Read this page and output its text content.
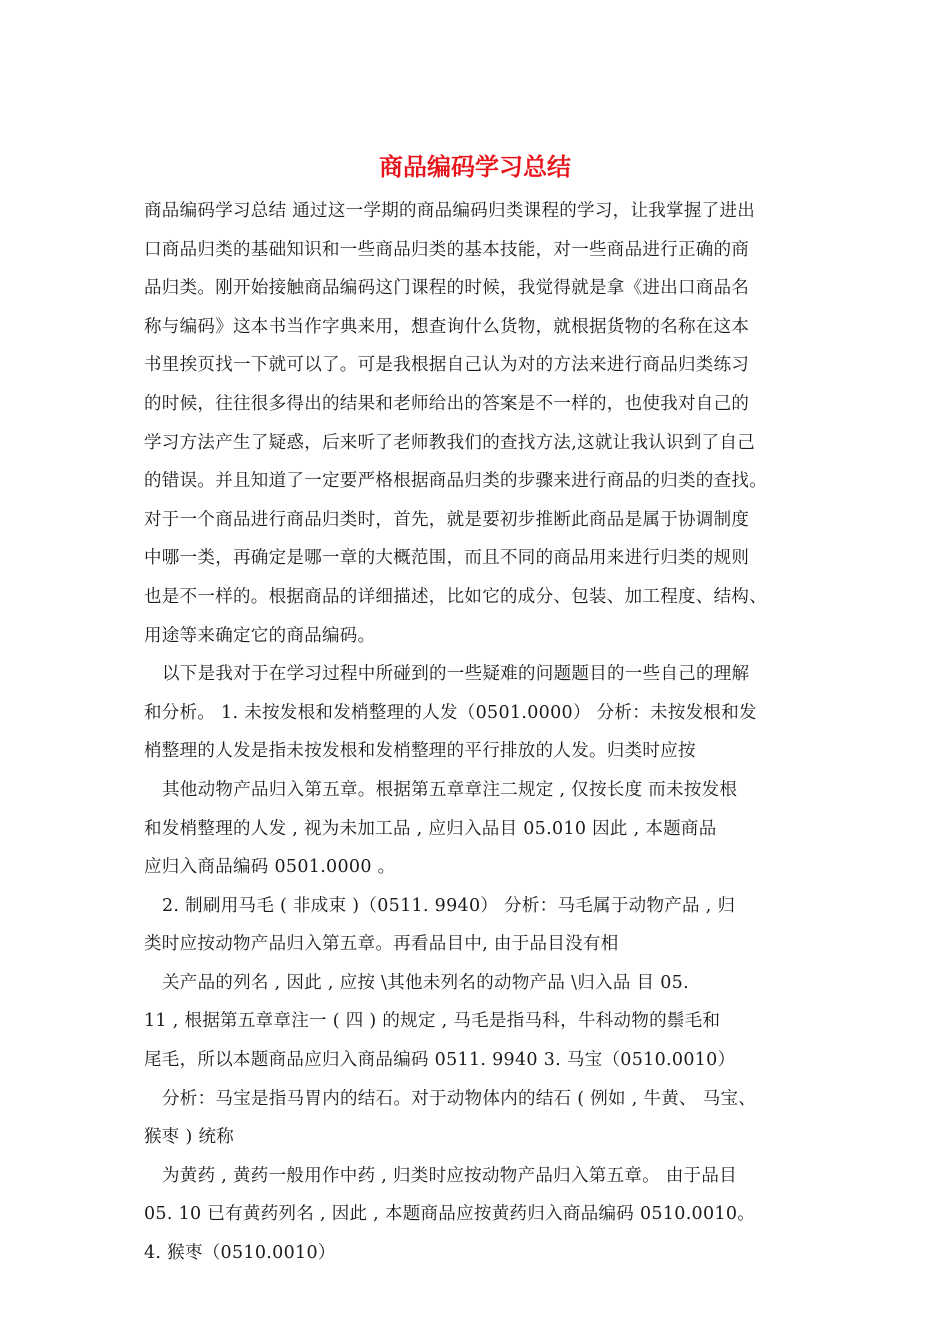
商品编码学习总结
商品编码学习总结 通过这一学期的商品编码归类课程的学习，让我掌握了进出
口商品归类的基础知识和一些商品归类的基本技能，对一些商品进行正确的商
品归类。刚开始接触商品编码这门课程的时候，我觉得就是拿《进出口商品名
称与编码》这本书当作字典来用，想查询什么货物，就根据货物的名称在这本
书里挨页找一下就可以了。可是我根据自己认为对的方法来进行商品归类练习
的时候，往往很多得出的结果和老师给出的答案是不一样的，也使我对自己的
学习方法产生了疑惑，后来听了老师教我们的查找方法,这就让我认识到了自己
的错误。并且知道了一定要严格根据商品归类的步骤来进行商品的归类的查找。
对于一个商品进行商品归类时，首先，就是要初步推断此商品是属于协调制度
中哪一类，再确定是哪一章的大概范围，而且不同的商品用来进行归类的规则
也是不一样的。根据商品的详细描述，比如它的成分、包装、加工程度、结构、
用途等来确定它的商品编码。
以下是我对于在学习过程中所碰到的一些疑难的问题题目的一些自己的理解
和分析。 1. 未按发根和发梢整理的人发（0501.0000） 分析：未按发根和发
梢整理的人发是指未按发根和发梢整理的平行排放的人发。归类时应按
其他动物产品归入第五章。根据第五章章注二规定 , 仅按长度 而未按发根
和发梢整理的人发 , 视为未加工品 , 应归入品目 05.010 因此 , 本题商品
应归入商品编码 0501.0000 。
2. 制刷用马毛 ( 非成束 )（0511. 9940） 分析：马毛属于动物产品 , 归
类时应按动物产品归入第五章。再看品目中, 由于品目没有相
关产品的列名 , 因此 , 应按 \其他未列名的动物产品 \归入品 目 05.
11 , 根据第五章章注一 ( 四 ) 的规定 , 马毛是指马科，牛科动物的鬃毛和
尾毛，所以本题商品应归入商品编码 0511. 9940 3. 马宝（0510.0010）
分析：马宝是指马胃内的结石。对于动物体内的结石 ( 例如 , 牛黄、 马宝、
猴枣 ) 统称
为黄药 , 黄药一般用作中药 , 归类时应按动物产品归入第五章。 由于品目
05. 10 已有黄药列名 , 因此 , 本题商品应按黄药归入商品编码 0510.0010。
4. 猴枣（0510.0010）
